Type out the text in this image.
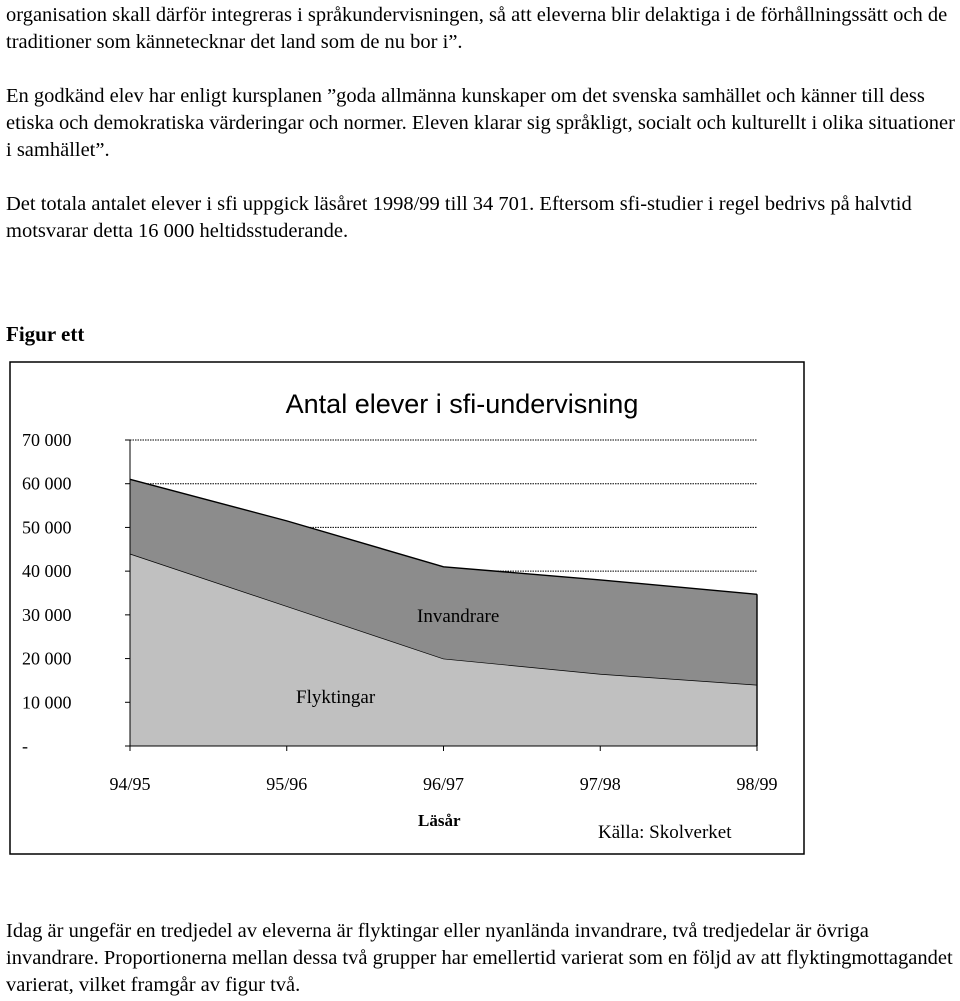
organisation skall därför integreras i språkundervisningen, så att eleverna blir delaktiga i de förhållningssätt och de traditioner som kännetecknar det land som de nu bor i”.

En godkänd elev har enligt kursplanen ”goda allmänna kunskaper om det svenska samhället och känner till dess etiska och demokratiska värderingar och normer. Eleven klarar sig språkligt, socialt och kulturellt i olika situationer i samhället”.

Det totala antalet elever i sfi uppgick läsåret 1998/99 till 34 701. Eftersom sfi-studier i regel bedrivs på halvtid motsvarar detta 16 000 heltidsstuderande.

Figur ett

Antal elever i sfi-undervisning
-
10 000
20 000
30 000
40 000
50 000
60 000
70 000
94/95	95/96	96/97	97/98	98/99
Flyktingar
Invandrare
Läsår
Källa: Skolverket

Idag är ungefär en tredjedel av eleverna är flyktingar eller nyanlända invandrare, två tredjedelar är övriga invandrare. Proportionerna mellan dessa två grupper har emellertid varierat som en följd av att flyktingmottagandet varierat, vilket framgår av figur två.
